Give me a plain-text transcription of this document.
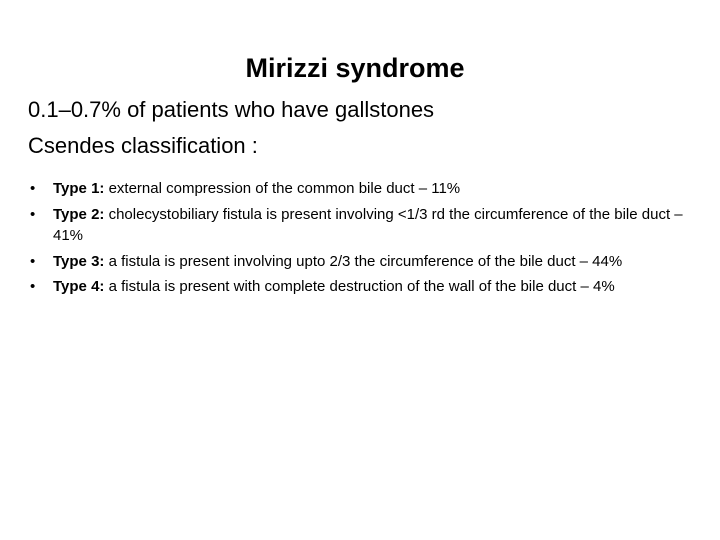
Mirizzi syndrome
0.1–0.7% of patients who have gallstones
Csendes classification :
• Type 1: external compression of the common bile duct – 11%
• Type 2: cholecystobiliary fistula is present involving <1/3 rd the circumference of the bile duct – 41%
• Type 3: a fistula is present involving upto 2/3 the circumference of the bile duct – 44%
• Type 4: a fistula is present with complete destruction of the wall of the bile duct – 4%
